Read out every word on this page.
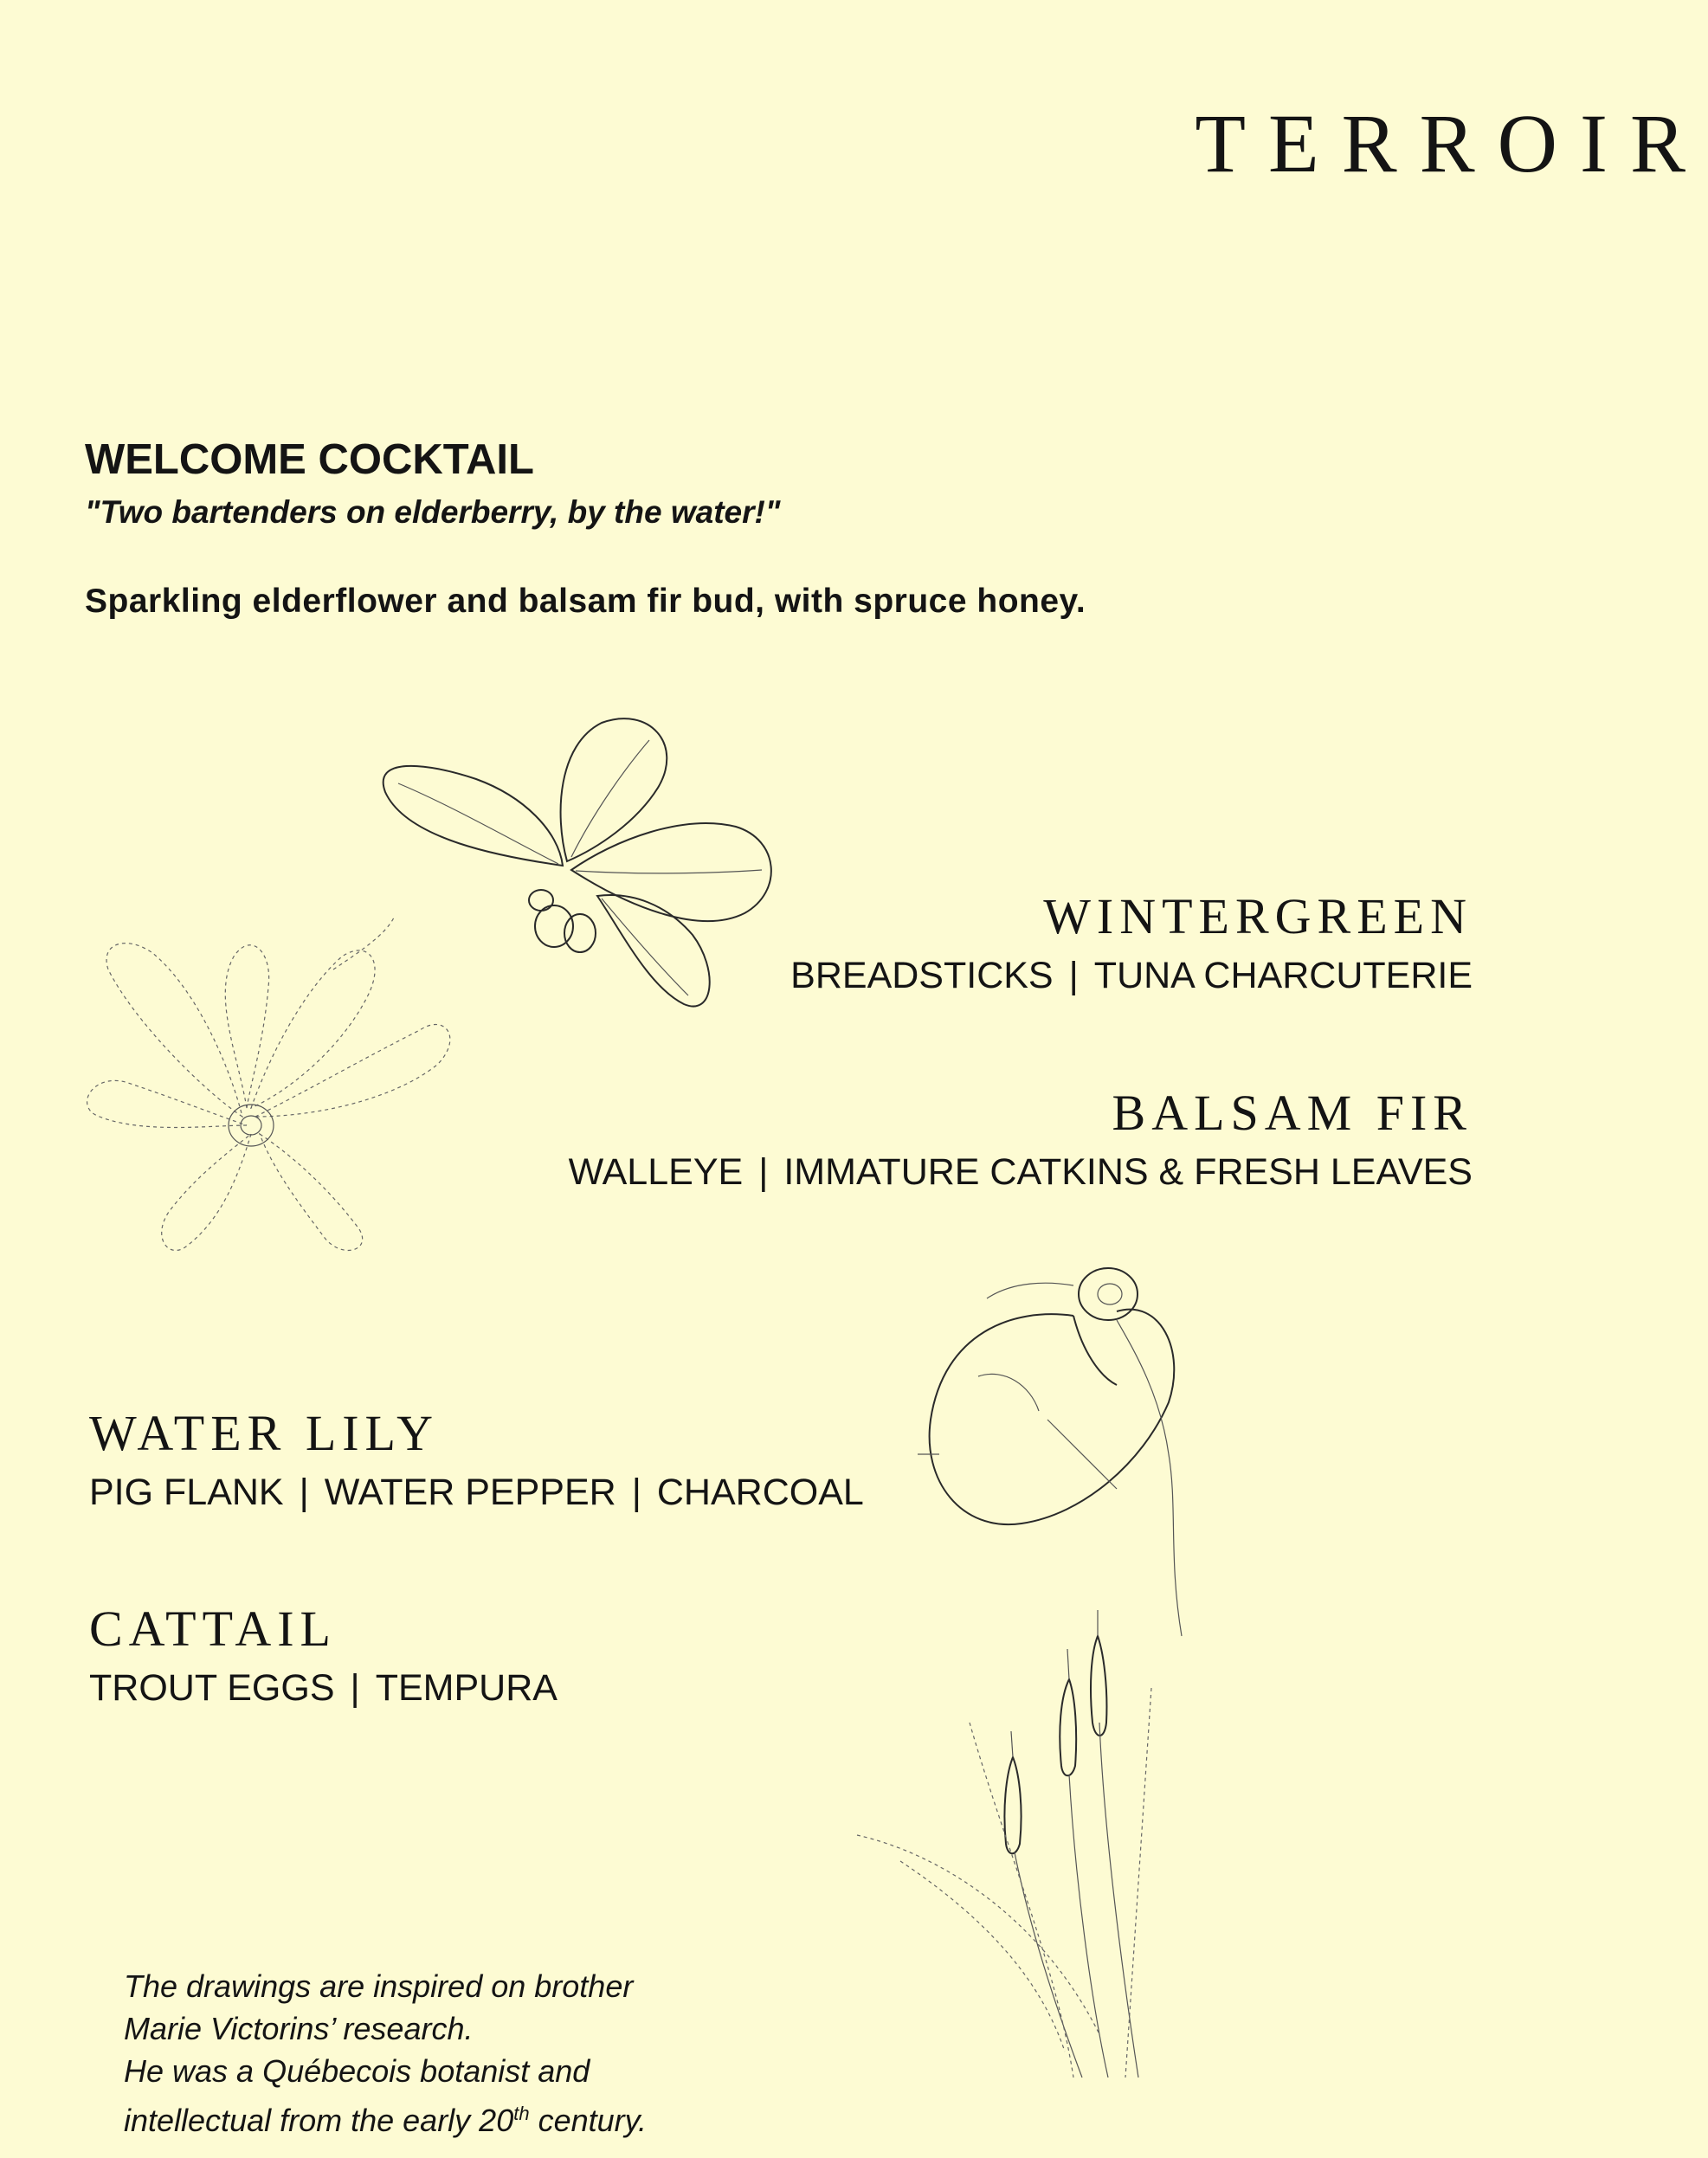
TERROIR
WELCOME COCKTAIL
"Two bartenders on elderberry, by the water!"
Sparkling elderflower and balsam fir bud, with spruce honey.
WINTERGREEN
BREADSTICKS | TUNA CHARCUTERIE
BALSAM FIR
WALLEYE | IMMATURE CATKINS & FRESH LEAVES
WATER LILY
PIG FLANK | WATER PEPPER | CHARCOAL
CATTAIL
TROUT EGGS | TEMPURA
The drawings are inspired on brother
Marie Victorins’ research.
He was a Québecois botanist and
intellectual from the early 20th century.
